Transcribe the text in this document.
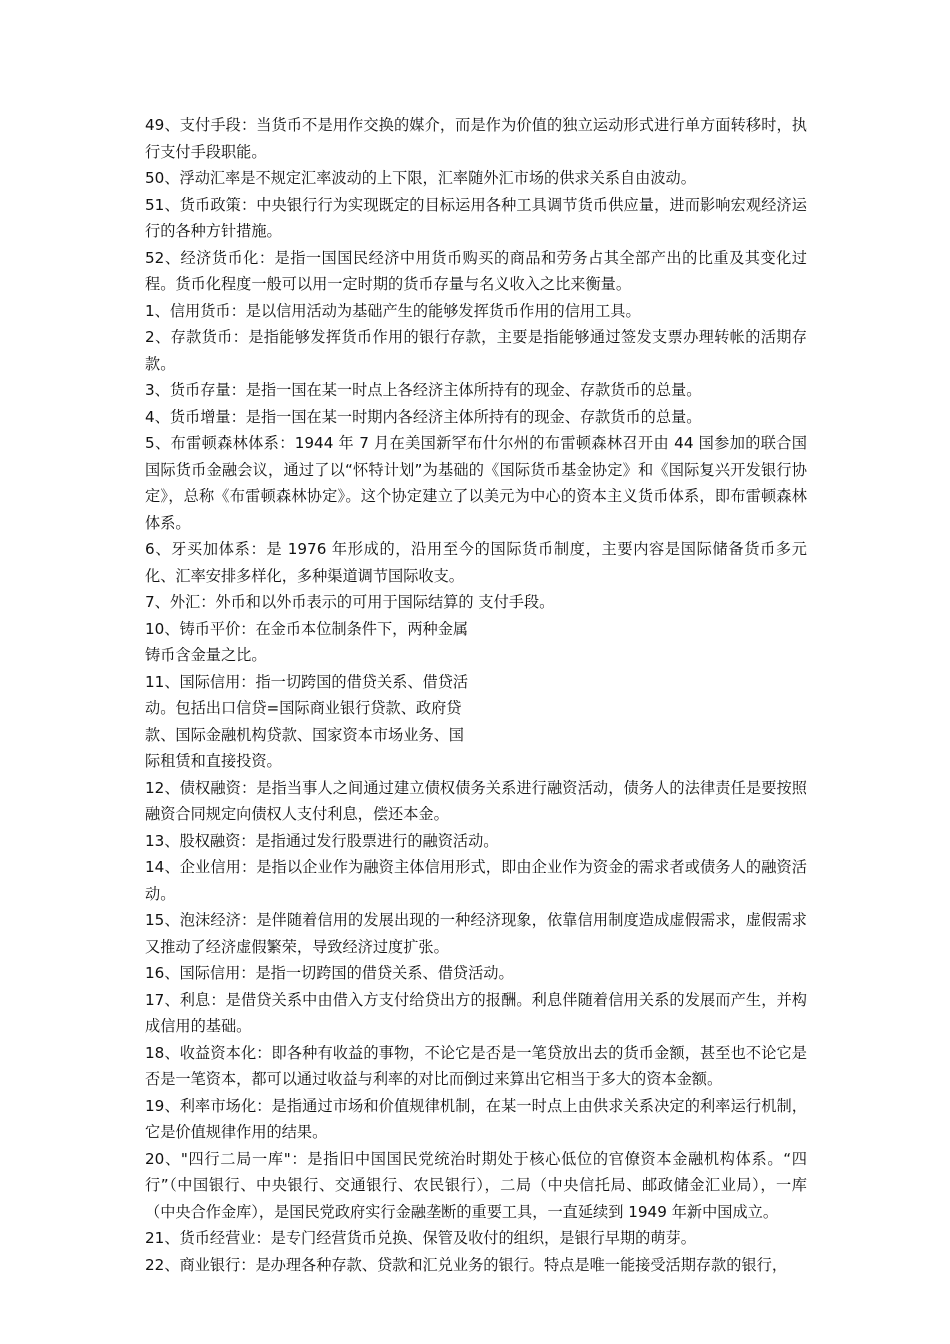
49、支付手段：当货币不是用作交换的媒介，而是作为价值的独立运动形式进行单方面转移时，执行支付手段职能。

50、浮动汇率是不规定汇率波动的上下限，汇率随外汇市场的供求关系自由波动。

51、货币政策：中央银行行为实现既定的目标运用各种工具调节货币供应量，进而影响宏观经济运行的各种方针措施。

52、经济货币化：是指一国国民经济中用货币购买的商品和劳务占其全部产出的比重及其变化过程。货币化程度一般可以用一定时期的货币存量与名义收入之比来衡量。

1、信用货币：是以信用活动为基础产生的能够发挥货币作用的信用工具。

2、存款货币：是指能够发挥货币作用的银行存款，主要是指能够通过签发支票办理转帐的活期存款。

3、货币存量：是指一国在某一时点上各经济主体所持有的现金、存款货币的总量。

4、货币增量：是指一国在某一时期内各经济主体所持有的现金、存款货币的总量。

5、布雷顿森林体系：1944 年 7 月在美国新罕布什尔州的布雷顿森林召开由 44 国参加的联合国国际货币金融会议，通过了以“怀特计划”为基础的《国际货币基金协定》和《国际复兴开发银行协定》，总称《布雷顿森林协定》。这个协定建立了以美元为中心的资本主义货币体系，即布雷顿森林体系。

6、牙买加体系：是 1976 年形成的，沿用至今的国际货币制度，主要内容是国际储备货币多元化、汇率安排多样化，多种渠道调节国际收支。

7、外汇：外币和以外币表示的可用于国际结算的 支付手段。

10、铸币平价：在金币本位制条件下，两种金属

铸币含金量之比。

11、国际信用：指一切跨国的借贷关系、借贷活

动。包括出口信贷=国际商业银行贷款、政府贷

款、国际金融机构贷款、国家资本市场业务、国

际租赁和直接投资。

12、债权融资：是指当事人之间通过建立债权债务关系进行融资活动，债务人的法律责任是要按照融资合同规定向债权人支付利息，偿还本金。

13、股权融资：是指通过发行股票进行的融资活动。

14、企业信用：是指以企业作为融资主体信用形式，即由企业作为资金的需求者或债务人的融资活动。

15、泡沫经济：是伴随着信用的发展出现的一种经济现象，依靠信用制度造成虚假需求，虚假需求又推动了经济虚假繁荣，导致经济过度扩张。

16、国际信用：是指一切跨国的借贷关系、借贷活动。

17、利息：是借贷关系中由借入方支付给贷出方的报酬。利息伴随着信用关系的发展而产生，并构成信用的基础。

18、收益资本化：即各种有收益的事物，不论它是否是一笔贷放出去的货币金额，甚至也不论它是否是一笔资本，都可以通过收益与利率的对比而倒过来算出它相当于多大的资本金额。

19、利率市场化：是指通过市场和价值规律机制，在某一时点上由供求关系决定的利率运行机制，它是价值规律作用的结果。

20、"四行二局一库"：是指旧中国国民党统治时期处于核心低位的官僚资本金融机构体系。“四行”（中国银行、中央银行、交通银行、农民银行），二局（中央信托局、邮政储金汇业局），一库（中央合作金库），是国民党政府实行金融垄断的重要工具，一直延续到 1949 年新中国成立。

21、货币经营业：是专门经营货币兑换、保管及收付的组织，是银行早期的萌芽。

22、商业银行：是办理各种存款、贷款和汇兑业务的银行。特点是唯一能接受活期存款的银行，
